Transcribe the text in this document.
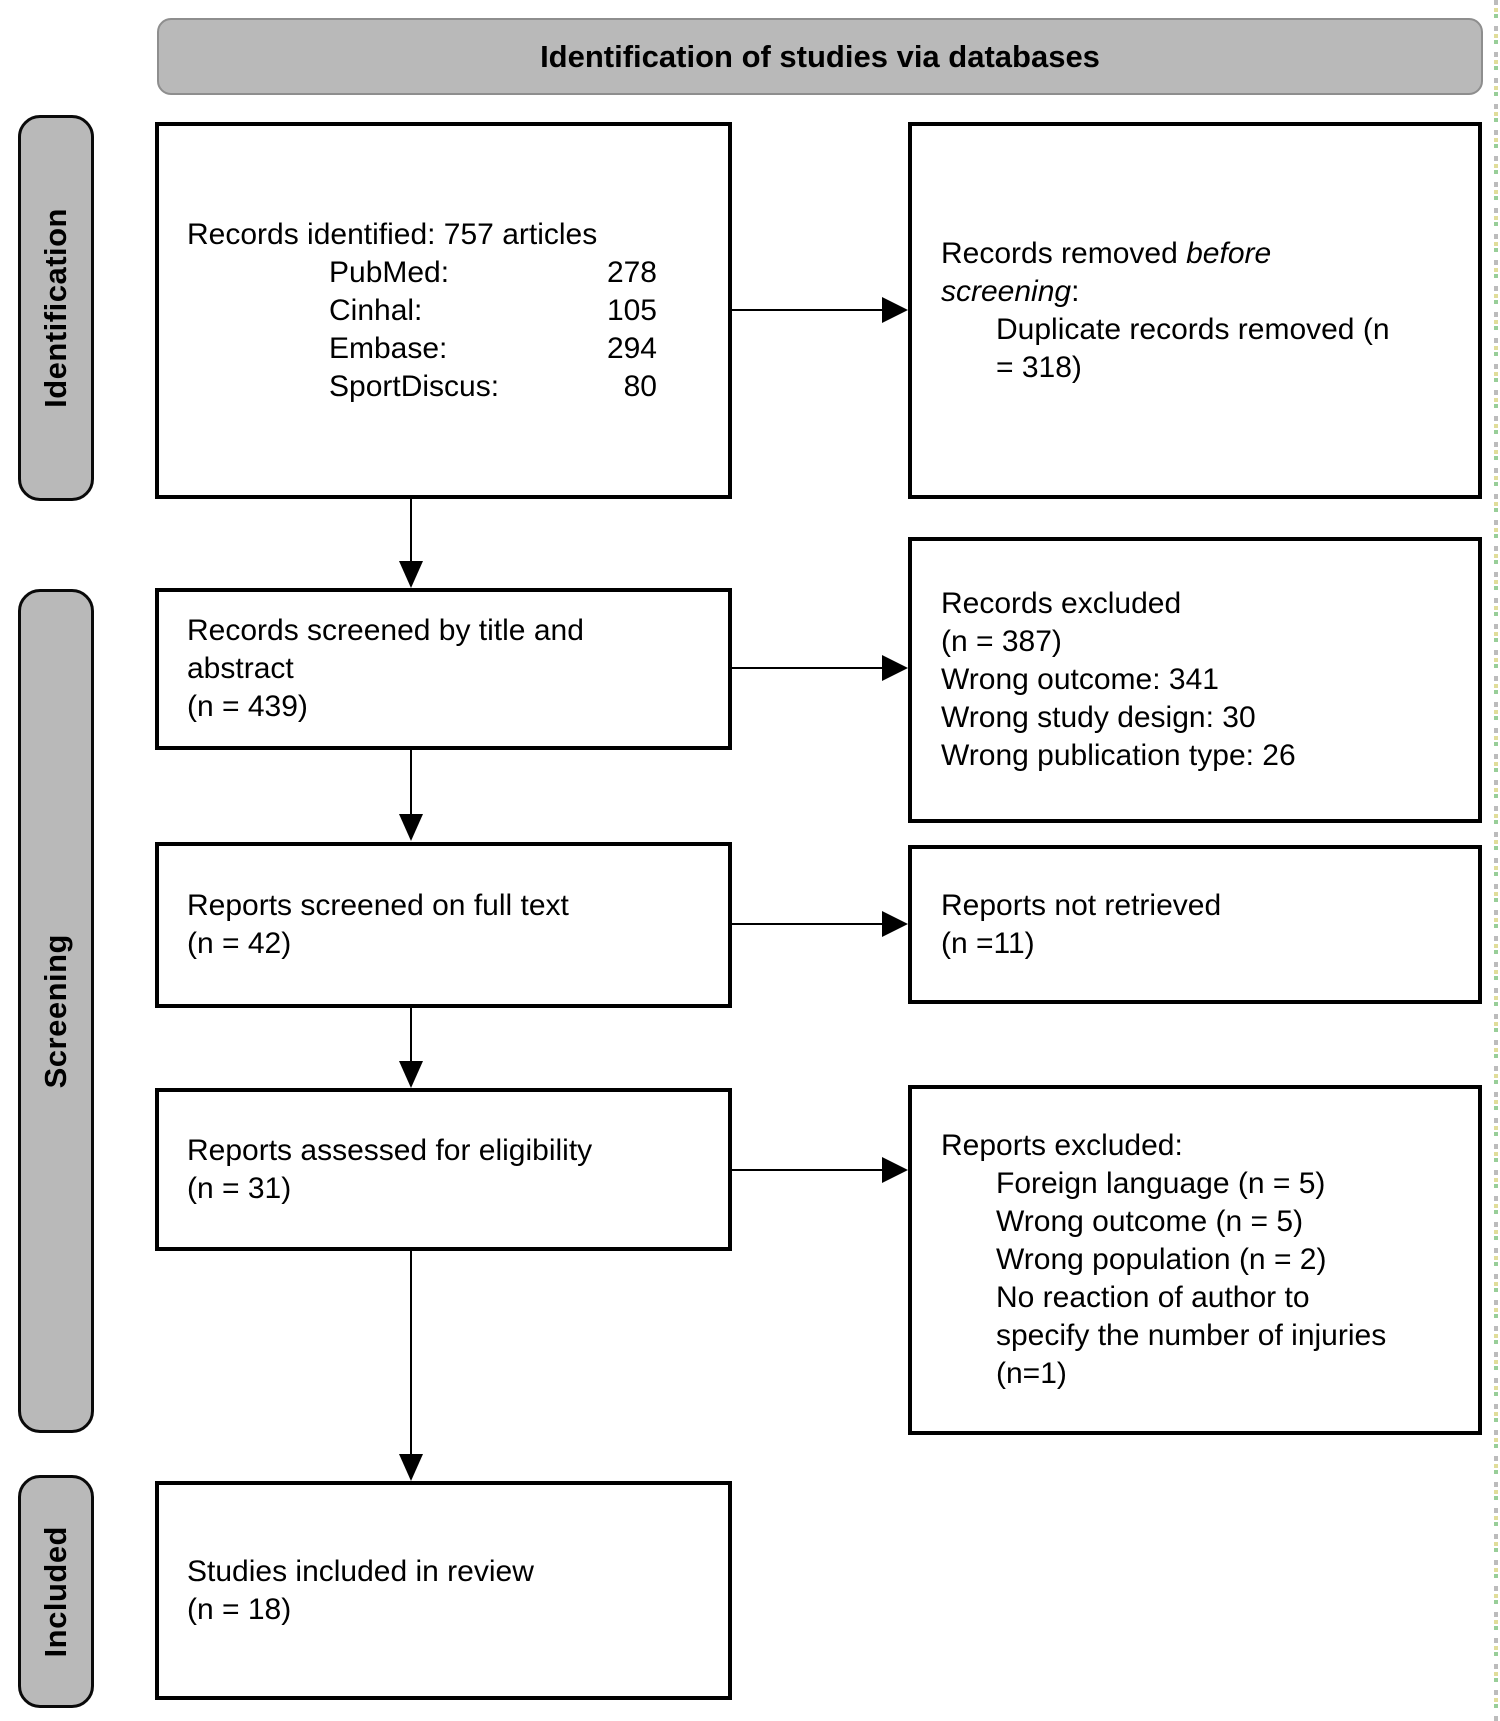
Identification of studies via databases
Identification
Screening
Included
Records identified: 757 articles
PubMed:	278
Cinhal:	105
Embase:	294
SportDiscus:	80
Records screened by title and abstract
(n = 439)
Reports screened on full text
(n = 42)
Reports assessed for eligibility
(n = 31)
Studies included in review
(n = 18)
Records removed before
screening:
Duplicate records removed (n = 318)
Records excluded
(n = 387)
Wrong outcome: 341
Wrong study design: 30
Wrong publication type: 26
Reports not retrieved
(n =11)
Reports excluded:
Foreign language (n = 5)
Wrong outcome (n = 5)
Wrong population (n = 2)
No reaction of author to specify the number of injuries (n=1)
